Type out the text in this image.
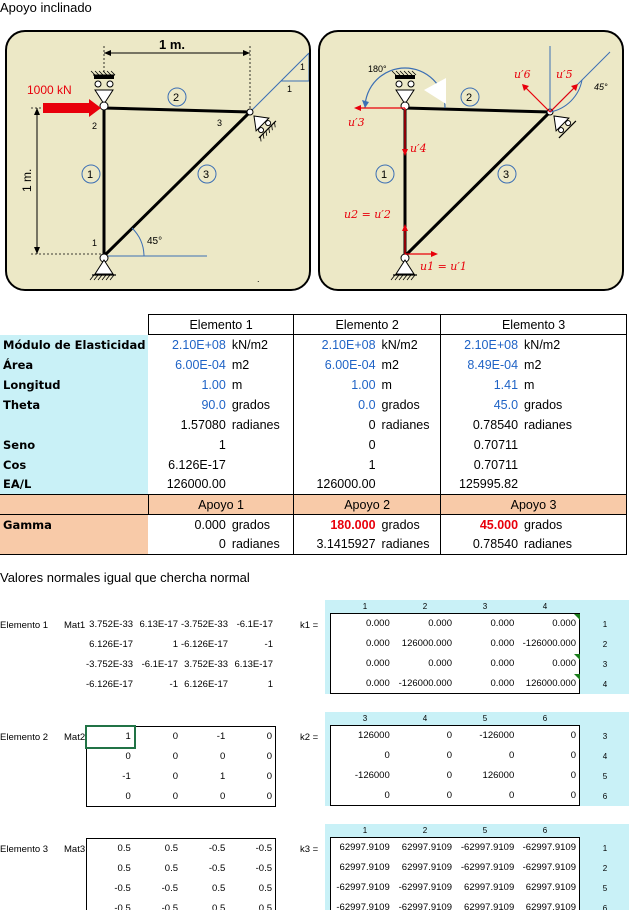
Apoyo inclinado
1 m.
1 m.
1
1
45°
1000 kN
2
1
3
2
1	3
.
180°
45°
u′3
u′4
u′5
u′6
u2 = u′2
u1 = u′1
2
1	3
	Elemento 1		Elemento 2		Elemento 3	
Módulo de Elasticidad	2.10E+08	kN/m2	2.10E+08	kN/m2	2.10E+08	kN/m2
Área	6.00E-04	m2	6.00E-04	m2	8.49E-04	m2
Longitud	1.00	m	1.00	m	1.41	m
Theta	90.0	grados	0.0	grados	45.0	grados
	1.57080	radianes	0	radianes	0.78540	radianes
Seno	1		0		0.70711	
Cos	6.126E-17		1		0.70711	
EA/L	126000.00		126000.00		125995.82	
	Apoyo 1		Apoyo 2		Apoyo 3	
Gamma	0.000	grados	180.000	grados	45.000	grados
	0	radianes	3.1415927	radianes	0.78540	radianes
Valores normales igual que chercha normal
Elemento 1 Mat1 3.752E-33	6.13E-17	-3.752E-33	-6.1E-17
6.126E-17	1	-6.126E-17	-1
-3.752E-33	-6.1E-17	3.752E-33	6.13E-17
-6.126E-17	-1	6.126E-17	1
k1 =
1	2	3	4
0.000	0.000	0.000	0.000
0.000	126000.000	0.000	-126000.000
0.000	0.000	0.000	0.000
0.000	-126000.000	0.000	126000.000
1
2
3
4
Elemento 2 Mat2	1	0	-1	0
0	0	0	0
-1	0	1	0
0	0	0	0
k2 =
3	4	5	6
126000	0	-126000	0
0	0	0	0
-126000	0	126000	0
0	0	0	0
3
4
5
6
Elemento 3 Mat3	0.5	0.5	-0.5	-0.5
0.5	0.5	-0.5	-0.5
-0.5	-0.5	0.5	0.5
-0.5	-0.5	0.5	0.5
k3 =
1	2	5	6
62997.9109	62997.9109	-62997.9109	-62997.9109
62997.9109	62997.9109	-62997.9109	-62997.9109
-62997.9109	-62997.9109	62997.9109	62997.9109
-62997.9109	-62997.9109	62997.9109	62997.9109
1
2
5
6
